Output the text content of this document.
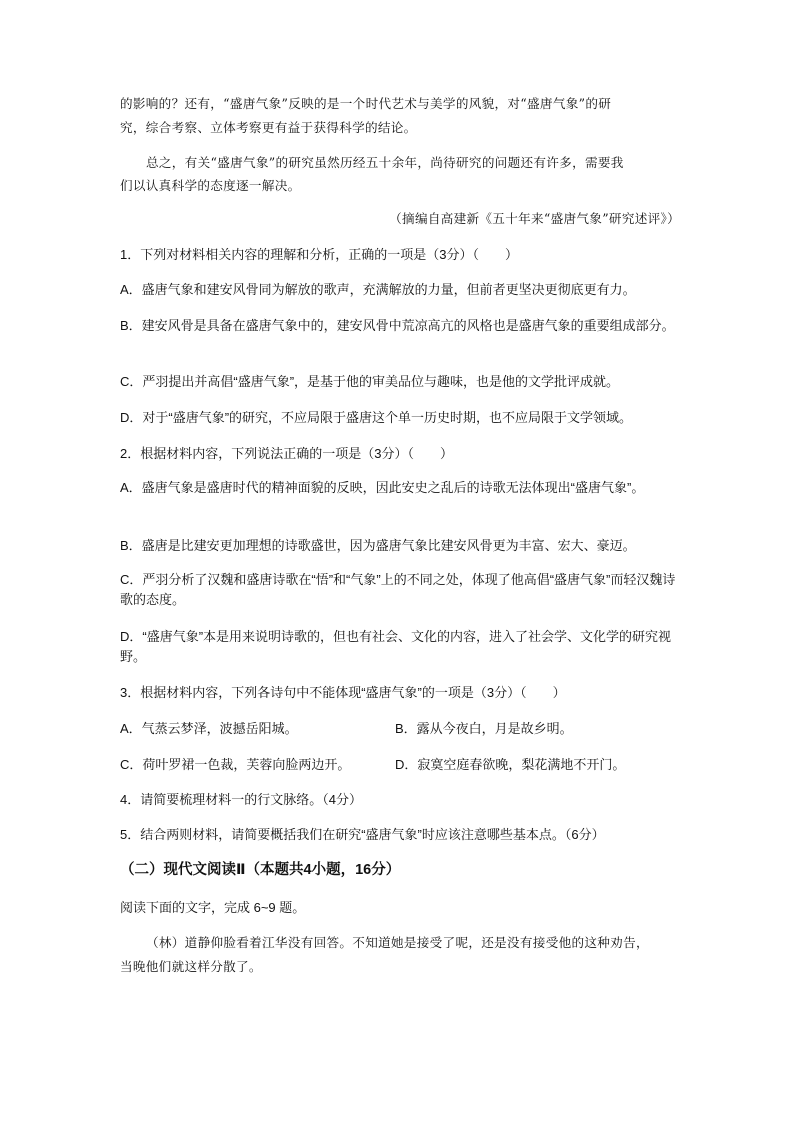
的影响的？还有，“盛唐气象”反映的是一个时代艺术与美学的风貌，对“盛唐气象”的研
究，综合考察、立体考察更有益于获得科学的结论。
总之，有关“盛唐气象”的研究虽然历经五十余年，尚待研究的问题还有许多，需要我
们以认真科学的态度逐一解决。
（摘编自高建新《五十年来“盛唐气象”研究述评》）
1．下列对材料相关内容的理解和分析，正确的一项是（3分）（　　）
A．盛唐气象和建安风骨同为解放的歌声，充满解放的力量，但前者更坚决更彻底更有力。
B．建安风骨是具备在盛唐气象中的，建安风骨中荒凉高亢的风格也是盛唐气象的重要组成部分。
C．严羽提出并高倡“盛唐气象”，是基于他的审美品位与趣味，也是他的文学批评成就。
D．对于“盛唐气象”的研究，不应局限于盛唐这个单一历史时期，也不应局限于文学领域。
2．根据材料内容，下列说法正确的一项是（3分）（　　）
A．盛唐气象是盛唐时代的精神面貌的反映，因此安史之乱后的诗歌无法体现出“盛唐气象”。
B．盛唐是比建安更加理想的诗歌盛世，因为盛唐气象比建安风骨更为丰富、宏大、豪迈。
C．严羽分析了汉魏和盛唐诗歌在“悟”和“气象”上的不同之处，体现了他高倡“盛唐气象”而轻汉魏诗歌的态度。
D．“盛唐气象”本是用来说明诗歌的，但也有社会、文化的内容，进入了社会学、文化学的研究视野。
3．根据材料内容，下列各诗句中不能体现“盛唐气象”的一项是（3分）（　　）
A．气蒸云梦泽，波撼岳阳城。	B．露从今夜白，月是故乡明。
C．荷叶罗裙一色裁，芙蓉向脸两边开。	D．寂寞空庭春欲晚，梨花满地不开门。
4．请简要梳理材料一的行文脉络。（4分）
5．结合两则材料，请简要概括我们在研究“盛唐气象”时应该注意哪些基本点。（6分）
（二）现代文阅读Ⅱ（本题共4小题，16分）
阅读下面的文字，完成 6~9 题。
（林）道静仰脸看着江华没有回答。不知道她是接受了呢，还是没有接受他的这种劝告，
当晚他们就这样分散了。
